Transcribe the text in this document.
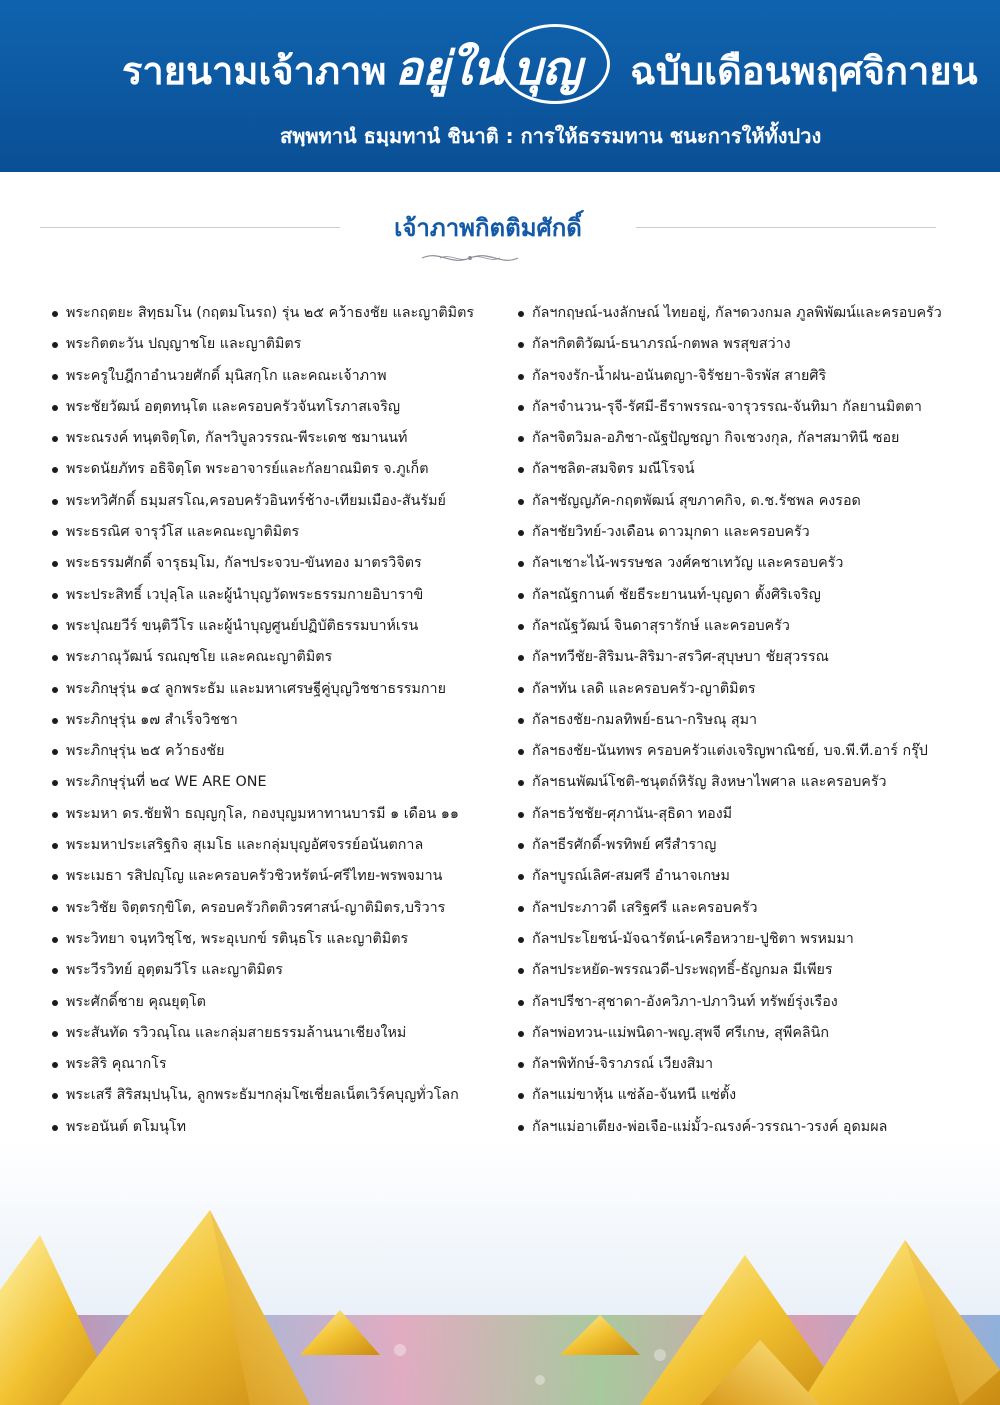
รายนามเจ้าภาพ อยู่ใน บุญ ฉบับเดือนพฤศจิกายน
สพฺพทานํ ธมฺมทานํ ชินาติ : การให้ธรรมทาน ชนะการให้ทั้งปวง
เจ้าภาพกิตติมศักดิ์
พระกฤตยะ สิทฺธมโน (กฤตมโนรถ) รุ่น ๒๕ คว้าธงชัย และญาติมิตร
พระกิตตะวัน ปญฺญาชโย และญาติมิตร
พระครูใบฎีกาอำนวยศักดิ์ มุนิสกฺโก และคณะเจ้าภาพ
พระชัยวัฒน์ อตฺตทนฺโต และครอบครัวจันทโรภาสเจริญ
พระณรงค์ ทนฺตจิตฺโต, กัลฯวิบูลวรรณ-พีระเดช ชมานนท์
พระดนัยภัทร อธิจิตฺโต พระอาจารย์และกัลยาณมิตร จ.ภูเก็ต
พระทวิศักดิ์ ธมฺมสรโณ,ครอบครัวอินทร์ช้าง-เทียมเมือง-สันรัมย์
พระธรณิศ จารุวํโส และคณะญาติมิตร
พระธรรมศักดิ์ จารุธมฺโม, กัลฯประจวบ-ขันทอง มาตรวิจิตร
พระประสิทธิ์ เวปุลฺโล และผู้นำบุญวัดพระธรรมกายอิบาราขิ
พระปุณยวีร์ ขนฺติวีโร และผู้นำบุญศูนย์ปฏิบัติธรรมบาห์เรน
พระภาณุวัฒน์ รณญฺชโย และคณะญาติมิตร
พระภิกษุรุ่น ๑๔ ลูกพระธัม และมหาเศรษฐีคู่บุญวิชชาธรรมกาย
พระภิกษุรุ่น ๑๗ สำเร็จวิชชา
พระภิกษุรุ่น ๒๕ คว้าธงชัย
พระภิกษุรุ่นที่ ๒๔ WE ARE ONE
พระมหา ดร.ชัยฟ้า ธญฺญกุโล, กองบุญมหาทานบารมี ๑ เดือน ๑๑
พระมหาประเสริฐกิจ สุเมโธ และกลุ่มบุญอัศจรรย์อนันตกาล
พระเมธา รสิปญฺโญ และครอบครัวชิวหรัตน์-ศรีไทย-พรพจมาน
พระวิชัย จิตฺตรกฺขิโต, ครอบครัวกิตติวรศาสน์-ญาติมิตร,บริวาร
พระวิทยา จนฺทวิชฺโช, พระอุเบกข์ รตินฺธโร และญาติมิตร
พระวีรวิทย์ อุตฺตมวีโร และญาติมิตร
พระศักดิ์ชาย คุณยุตฺโต
พระสันทัด รวิวณฺโณ และกลุ่มสายธรรมล้านนาเชียงใหม่
พระสิริ คุณากโร
พระเสรี สิริสมฺปนฺโน, ลูกพระธัมฯกลุ่มโซเชี่ยลเน็ตเวิร์คบุญทั่วโลก
พระอนันต์ ตโมนุโท
กัลฯกฤษณ์-นงลักษณ์ ไทยอยู่, กัลฯดวงกมล ภูลพิพัฒน์และครอบครัว
กัลฯกิตติวัฒน์-ธนาภรณ์-กตพล พรสุขสว่าง
กัลฯจงรัก-น้ำฝน-อนันตญา-จิรัชยา-จิรพัส สายศิริ
กัลฯจำนวน-รุจี-รัศมี-ธีราพรรณ-จารุวรรณ-จันทิมา กัลยานมิตตา
กัลฯจิตวิมล-อภิชา-ณัฐปัญชญา กิจเชวงกุล, กัลฯสมาทินี ซอย
กัลฯชลิต-สมจิตร มณีโรจน์
กัลฯชัญญภัค-กฤตพัฒน์ สุขภาคกิจ, ด.ช.รัชพล คงรอด
กัลฯชัยวิทย์-วงเดือน ดาวมุกดา และครอบครัว
กัลฯเชาะไน้-พรรษชล วงศ์คชาเทวัญ และครอบครัว
กัลฯณัฐกานต์ ชัยธีระยานนท์-บุญดา ตั้งศิริเจริญ
กัลฯณัฐวัฒน์ จินดาสุรารักษ์ และครอบครัว
กัลฯทวีชัย-สิริมน-สิริมา-สรวิศ-สุบุษบา ชัยสุวรรณ
กัลฯทัน เลดิ และครอบครัว-ญาติมิตร
กัลฯธงชัย-กมลทิพย์-ธนา-กริษณุ สุมา
กัลฯธงชัย-นันทพร ครอบครัวแต่งเจริญพาณิชย์, บจ.พี.ที.อาร์ กรุ๊ป
กัลฯธนพัฒน์โชติ-ชนุตถ์หิรัญ สิงหษาไพศาล และครอบครัว
กัลฯธวัชชัย-ศุภานัน-สุธิดา ทองมี
กัลฯธีรศักดิ์-พรทิพย์ ศรีสำราญ
กัลฯบูรณ์เลิศ-สมศรี อำนาจเกษม
กัลฯประภาวดี เสริฐศรี และครอบครัว
กัลฯประโยชน์-มัจฉารัตน์-เครือหวาย-ปูชิตา พรหมมา
กัลฯประหยัด-พรรณวดี-ประพฤทธิ์-ธัญกมล มีเพียร
กัลฯปรีชา-สุชาดา-อังควิภา-ปภาวินท์ ทรัพย์รุ่งเรือง
กัลฯพ่อทวน-แม่พนิดา-พญ.สุพจี ศรีเกษ, สุพีคลินิก
กัลฯพิทักษ์-จิราภรณ์ เวียงสิมา
กัลฯแม่ขาหุ้น แซ่ล้อ-จันทนี แซ่ตั้ง
กัลฯแม่อาเตียง-พ่อเจือ-แม่มั้ว-ณรงค์-วรรณา-วรงค์ อุดมผล
